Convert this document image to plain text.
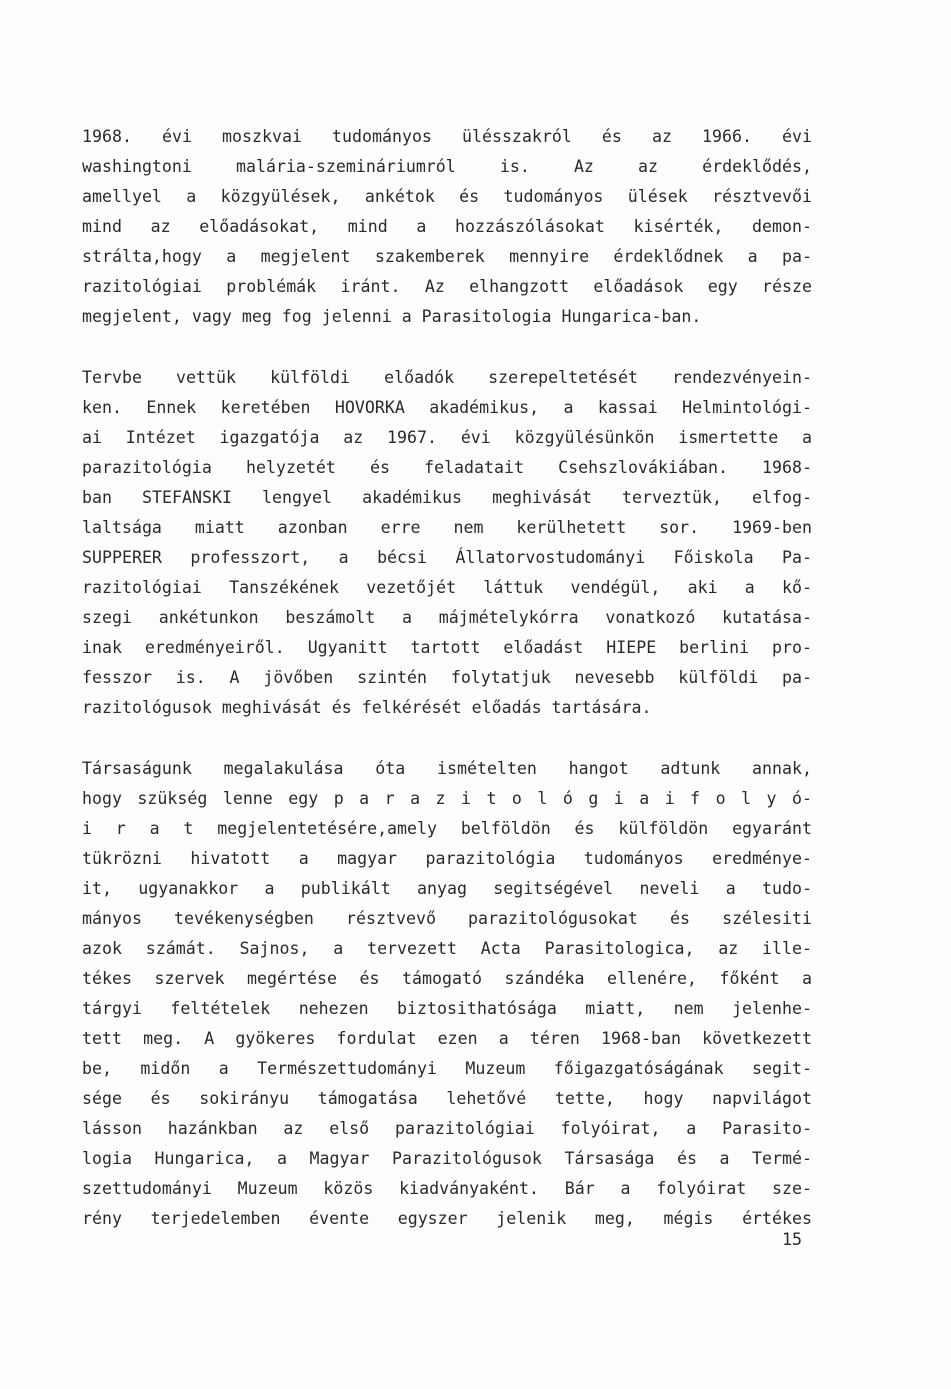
1968. évi moszkvai tudományos ülésszakról és az 1966. évi
washingtoni malária-szemináriumról is. Az az érdeklődés,
amellyel a közgyülések, ankétok és tudományos ülések résztvevői
mind az előadásokat, mind a hozzászólásokat kisérték, demon-
strálta,hogy a megjelent szakemberek mennyire érdeklődnek a pa-
razitológiai problémák iránt. Az elhangzott előadások egy része
megjelent, vagy meg fog jelenni a Parasitologia Hungarica-ban.
Tervbe vettük külföldi előadók szerepeltetését rendezvényein-
ken. Ennek keretében HOVORKA akadémikus, a kassai Helmintológi-
ai Intézet igazgatója az 1967. évi közgyülésünkön ismertette a
parazitológia helyzetét és feladatait Csehszlovákiában. 1968-
ban STEFANSKI lengyel akadémikus meghivását terveztük, elfog-
laltsága miatt azonban erre nem kerülhetett sor. 1969-ben
SUPPERER professzort, a bécsi Állatorvostudományi Főiskola Pa-
razitológiai Tanszékének vezetőjét láttuk vendégül, aki a kő-
szegi ankétunkon beszámolt a májmételykórra vonatkozó kutatása-
inak eredményeiről. Ugyanitt tartott előadást HIEPE berlini pro-
fesszor is. A jövőben szintén folytatjuk nevesebb külföldi pa-
razitológusok meghivását és felkérését előadás tartására.
Társaságunk megalakulása óta ismételten hangot adtunk annak,
hogy szükség lenne egy p a r a z i t o l ó g i a i f o l y ó-
i r a t megjelentetésére,amely belföldön és külföldön egyaránt
tükrözni hivatott a magyar parazitológia tudományos eredménye-
it, ugyanakkor a publikált anyag segitségével neveli a tudo-
mányos tevékenységben résztvevő parazitológusokat és szélesiti
azok számát. Sajnos, a tervezett Acta Parasitologica, az ille-
tékes szervek megértése és támogató szándéka ellenére, főként a
tárgyi feltételek nehezen biztosithatósága miatt, nem jelenhe-
tett meg. A gyökeres fordulat ezen a téren 1968-ban következett
be, midőn a Természettudományi Muzeum főigazgatóságának segit-
sége és sokirányu támogatása lehetővé tette, hogy napvilágot
lásson hazánkban az első parazitológiai folyóirat, a Parasito-
logia Hungarica, a Magyar Parazitológusok Társasága és a Termé-
szettudományi Muzeum közös kiadványaként. Bár a folyóirat sze-
rény terjedelemben évente egyszer jelenik meg, mégis értékes
15
